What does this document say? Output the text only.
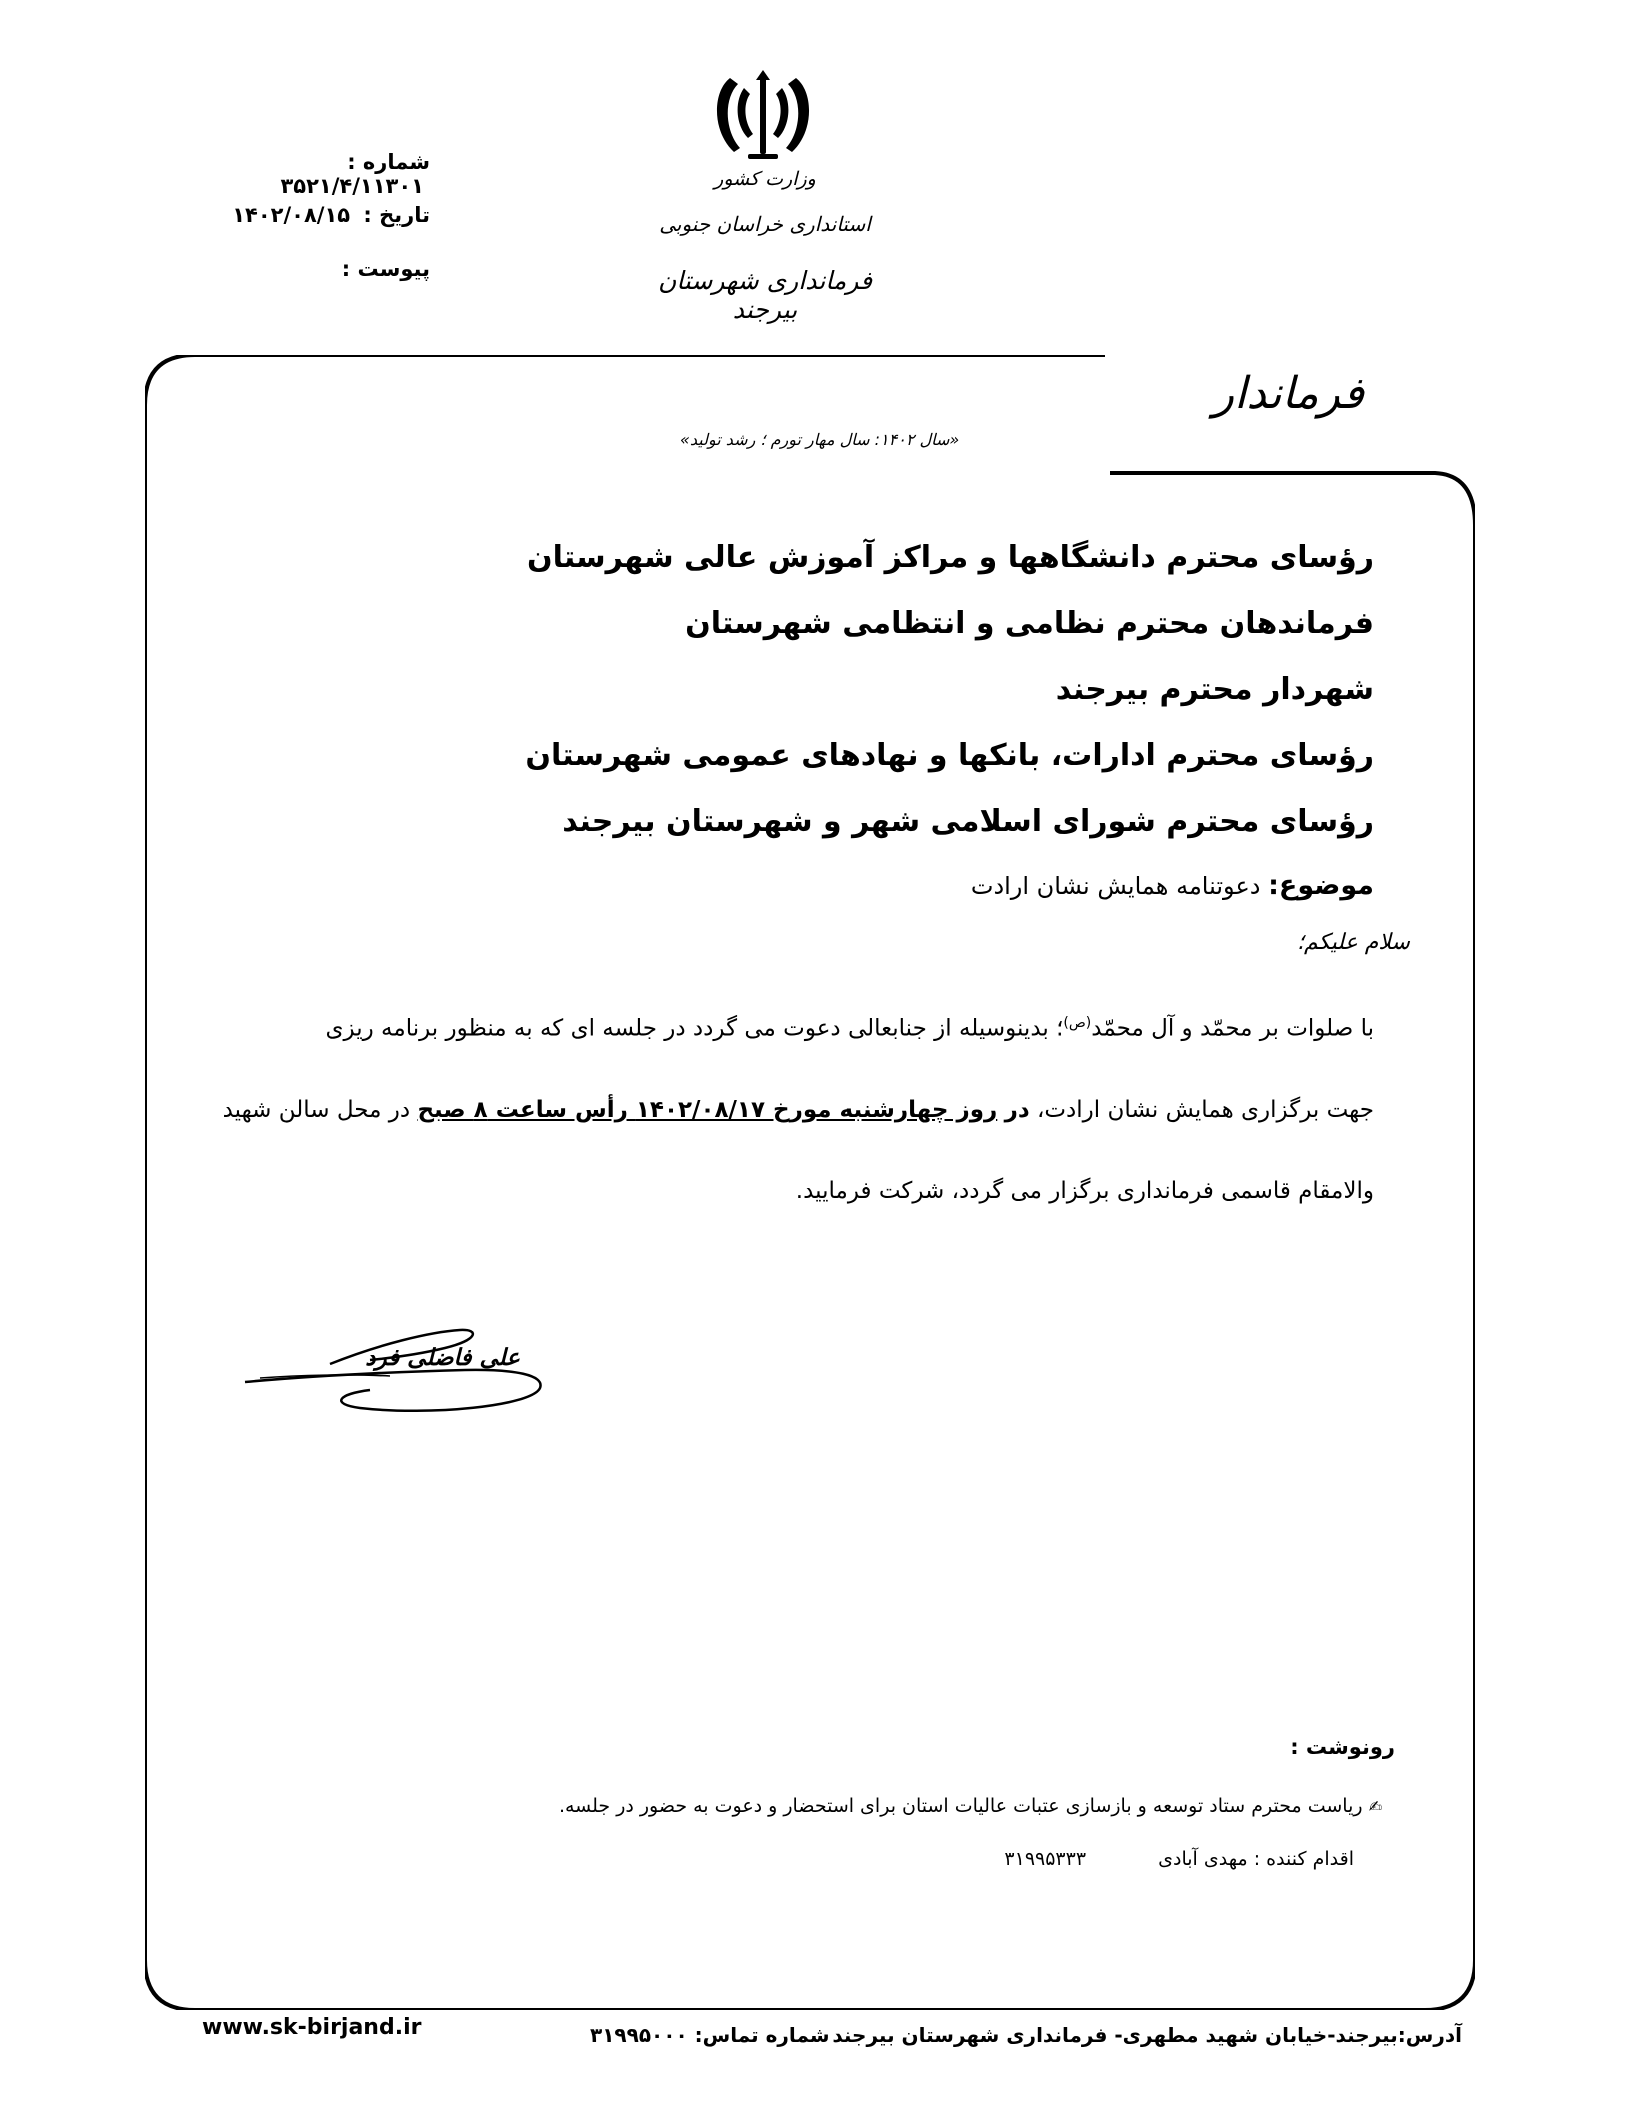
شماره : ۳۵۲۱/۴/۱۱۳۰۱
تاریخ : ۱۴۰۲/۰۸/۱۵
پیوست :
وزارت کشور
استانداری خراسان جنوبی
فرمانداری شهرستان بیرجند
فرماندار
«سال ۱۴۰۲: سال مهار تورم ؛ رشد تولید»
رؤسای محترم دانشگاهها و مراکز آموزش عالی شهرستان
فرماندهان محترم نظامی و انتظامی شهرستان
شهردار محترم بیرجند
رؤسای محترم ادارات، بانکها و نهادهای عمومی شهرستان
رؤسای محترم شورای اسلامی شهر و شهرستان بیرجند
موضوع: دعوتنامه همایش نشان ارادت
سلام علیکم؛
با صلوات بر محمّد و آل محمّد$^{(ص)}$؛ بدینوسیله از جنابعالی دعوت می گردد در جلسه ای که به منظور برنامه ریزی
جهت برگزاری همایش نشان ارادت، در روز چهارشنبه مورخ ۱۴۰۲/۰۸/۱۷ رأس ساعت ۸ صبح در محل سالن شهید
والامقام قاسمی فرمانداری برگزار می گردد، شرکت فرمایید.
علی فاضلی فرد
رونوشت :
✍ ریاست محترم ستاد توسعه و بازسازی عتبات عالیات استان برای استحضار و دعوت به حضور در جلسه.
اقدام کننده : مهدی آبادی  ۳۱۹۹۵۳۳۳
آدرس:بیرجند-خیابان شهید مطهری- فرمانداری شهرستان بیرجند
شماره تماس: ۳۱۹۹۵۰۰۰
www.sk-birjand.ir
